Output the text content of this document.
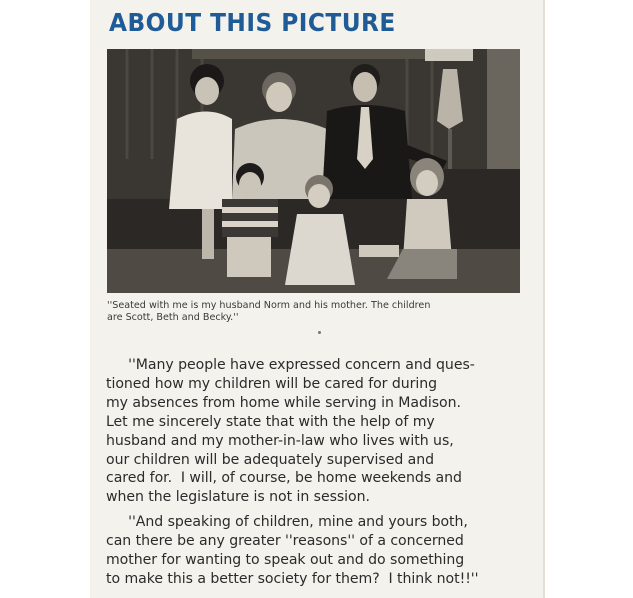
ABOUT THIS PICTURE
''Seated with me is my husband Norm and his mother. The children
are Scott, Beth and Becky.''
''Many people have expressed concern and ques-
tioned how my children will be cared for during
my absences from home while serving in Madison.
Let me sincerely state that with the help of my
husband and my mother-in-law who lives with us,
our children will be adequately supervised and
cared for.  I will, of course, be home weekends and
when the legislature is not in session.
''And speaking of children, mine and yours both,
can there be any greater ''reasons'' of a concerned
mother for wanting to speak out and do something
to make this a better society for them?  I think not!!''
